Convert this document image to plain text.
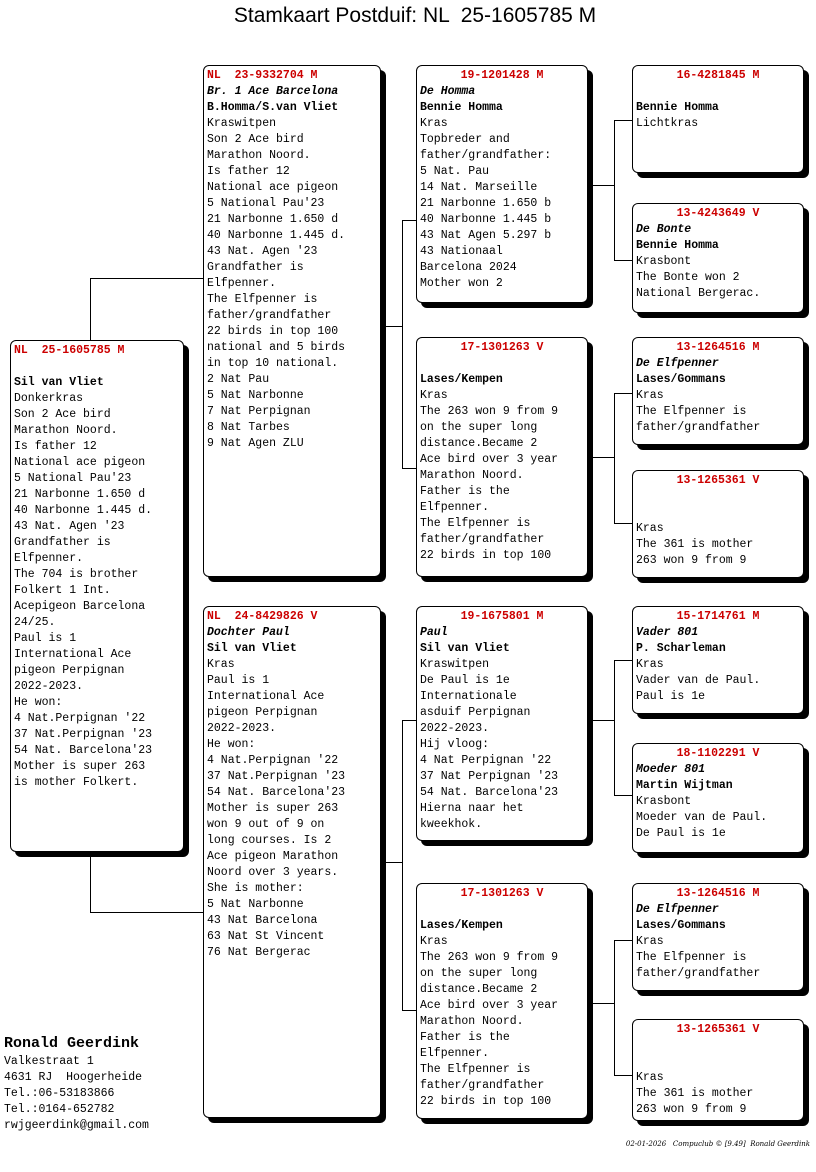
Stamkaart Postduif: NL  25-1605785 M
NL  25-1605785 M
Sil van Vliet
Donkerkras
Son 2 Ace bird
Marathon Noord.
Is father 12
National ace pigeon
5 National Pau'23
21 Narbonne 1.650 d
40 Narbonne 1.445 d.
43 Nat. Agen '23
Grandfather is
Elfpenner.
The 704 is brother
Folkert 1 Int.
Acepigeon Barcelona
24/25.
Paul is 1
International Ace
pigeon Perpignan
2022-2023.
He won:
4 Nat.Perpignan '22
37 Nat.Perpignan '23
54 Nat. Barcelona'23
Mother is super 263
is mother Folkert.
NL  23-9332704 M
Br. 1 Ace Barcelona
B.Homma/S.van Vliet
Kraswitpen
Son 2 Ace bird
Marathon Noord.
Is father 12
National ace pigeon
5 National Pau'23
21 Narbonne 1.650 d
40 Narbonne 1.445 d.
43 Nat. Agen '23
Grandfather is
Elfpenner.
The Elfpenner is
father/grandfather
22 birds in top 100
national and 5 birds
in top 10 national.
2 Nat Pau
5 Nat Narbonne
7 Nat Perpignan
8 Nat Tarbes
9 Nat Agen ZLU
NL  24-8429826 V
Dochter Paul
Sil van Vliet
Kras
Paul is 1
International Ace
pigeon Perpignan
2022-2023.
He won:
4 Nat.Perpignan '22
37 Nat.Perpignan '23
54 Nat. Barcelona'23
Mother is super 263
won 9 out of 9 on
long courses. Is 2
Ace pigeon Marathon
Noord over 3 years.
She is mother:
5 Nat Narbonne
43 Nat Barcelona
63 Nat St Vincent
76 Nat Bergerac
19-1201428 M
De Homma
Bennie Homma
Kras
Topbreder and
father/grandfather:
5 Nat. Pau
14 Nat. Marseille
21 Narbonne 1.650 b
40 Narbonne 1.445 b
43 Nat Agen 5.297 b
43 Nationaal
Barcelona 2024
Mother won 2
17-1301263 V
Lases/Kempen
Kras
The 263 won 9 from 9
on the super long
distance.Became 2
Ace bird over 3 year
Marathon Noord.
Father is the
Elfpenner.
The Elfpenner is
father/grandfather
22 birds in top 100
19-1675801 M
Paul
Sil van Vliet
Kraswitpen
De Paul is 1e
Internationale
asduif Perpignan
2022-2023.
Hij vloog:
4 Nat Perpignan '22
37 Nat Perpignan '23
54 Nat. Barcelona'23
Hierna naar het
kweekhok.
17-1301263 V
Lases/Kempen
Kras
The 263 won 9 from 9
on the super long
distance.Became 2
Ace bird over 3 year
Marathon Noord.
Father is the
Elfpenner.
The Elfpenner is
father/grandfather
22 birds in top 100
16-4281845 M
Bennie Homma
Lichtkras
13-4243649 V
De Bonte
Bennie Homma
Krasbont
The Bonte won 2
National Bergerac.
13-1264516 M
De Elfpenner
Lases/Gommans
Kras
The Elfpenner is
father/grandfather
13-1265361 V
Kras
The 361 is mother
263 won 9 from 9
15-1714761 M
Vader 801
P. Scharleman
Kras
Vader van de Paul.
Paul is 1e
18-1102291 V
Moeder 801
Martin Wijtman
Krasbont
Moeder van de Paul.
De Paul is 1e
13-1264516 M
De Elfpenner
Lases/Gommans
Kras
The Elfpenner is
father/grandfather
13-1265361 V
Kras
The 361 is mother
263 won 9 from 9
Ronald Geerdink
Valkestraat 1
4631 RJ  Hoogerheide
Tel.:06-53183866
Tel.:0164-652782
rwjgeerdink@gmail.com
02-01-2026   Compuclub © [9.49]  Ronald Geerdink
